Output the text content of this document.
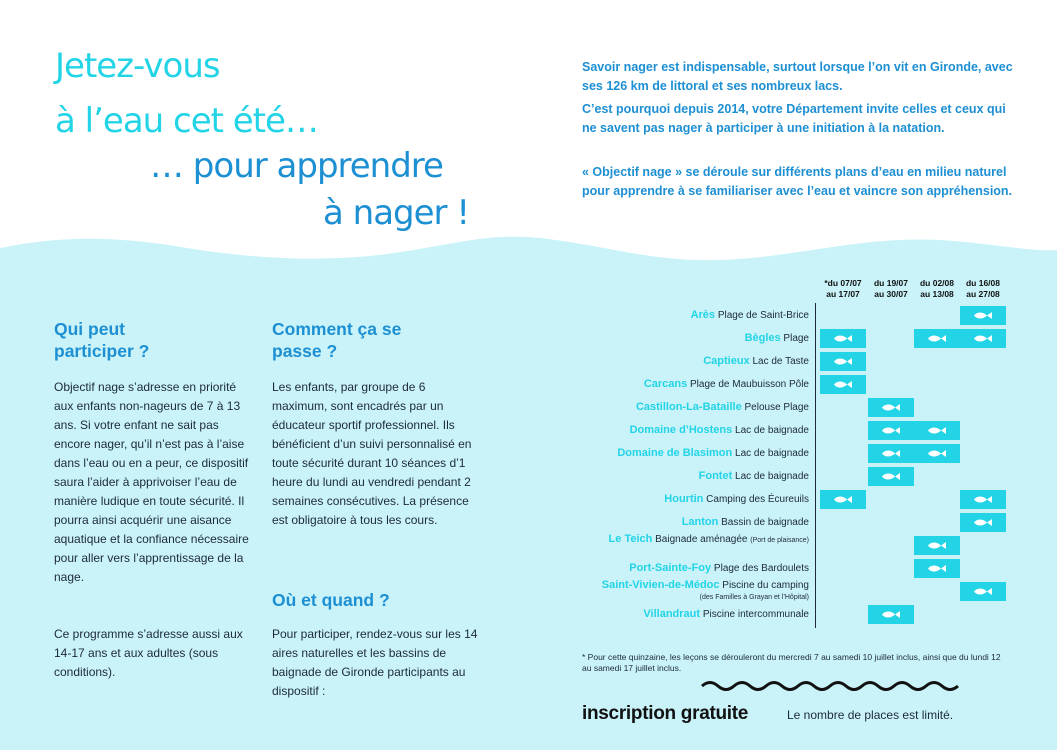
Jetez-vous
à l’eau cet été…
… pour apprendre
à nager !

Savoir nager est indispensable, surtout lorsque l’on vit en Gironde, avec ses 126 km de littoral et ses nombreux lacs.

C’est pourquoi depuis 2014, votre Département invite celles et ceux qui ne savent pas nager à participer à une initiation à la natation.

« Objectif nage » se déroule sur différents plans d’eau en milieu naturel pour apprendre à se familiariser avec l’eau et vaincre son appréhension.

Qui peut participer ?

Objectif nage s’adresse en priorité aux enfants non-nageurs de 7 à 13 ans. Si votre enfant ne sait pas encore nager, qu’il n’est pas à l’aise dans l’eau ou en a peur, ce dispositif saura l’aider à apprivoiser l’eau de manière ludique en toute sécurité. Il pourra ainsi acquérir une aisance aquatique et la confiance nécessaire pour aller vers l’apprentissage de la nage.

Ce programme s’adresse aussi aux 14-17 ans et aux adultes (sous conditions).

Comment ça se passe ?

Les enfants, par groupe de 6 maximum, sont encadrés par un éducateur sportif professionnel. Ils bénéficient d’un suivi personnalisé en toute sécurité durant 10 séances d’1 heure du lundi au vendredi pendant 2 semaines consécutives. La présence est obligatoire à tous les cours.

Où et quand ?

Pour participer, rendez-vous sur les 14 aires naturelles et les bassins de baignade de Gironde participants au dispositif :

*du 07/07
au 17/07
du 19/07
au 30/07
du 02/08
au 13/08
du 16/08
au 27/08
Arès Plage de Saint-Brice
Bègles Plage
Captieux Lac de Taste
Carcans Plage de Maubuisson Pôle
Castillon-La-Bataille Pelouse Plage
Domaine d’Hostens Lac de baignade
Domaine de Blasimon Lac de baignade
Fontet Lac de baignade
Hourtin Camping des Écureuils
Lanton Bassin de baignade
Le Teich Baignade aménagée (Port de plaisance)
Port-Sainte-Foy Plage des Bardoulets
Saint-Vivien-de-Médoc Piscine du camping
(des Familles à Grayan et l’Hôpital)
Villandraut Piscine intercommunale

* Pour cette quinzaine, les leçons se dérouleront du mercredi 7 au samedi 10 juillet inclus, ainsi que du lundi 12 au samedi 17 juillet inclus.

inscription gratuite	Le nombre de places est limité.
